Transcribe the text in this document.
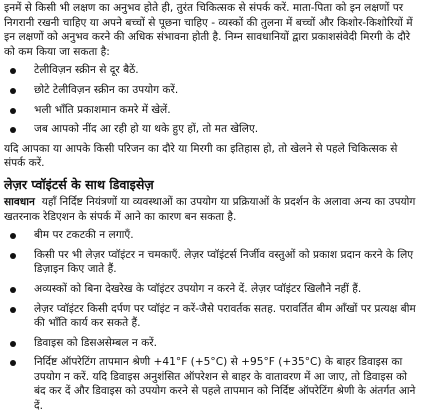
इनमें से किसी भी लक्षण का अनुभव होते ही, तुरंत चिकित्सक से संपर्क करें. माता-पिता को इन लक्षणों पर निगरानी रखनी चाहिए या अपने बच्चों से पूछना चाहिए - व्यस्कों की तुलना में बच्चों और किशोर-किशोरियों में इन लक्षणों को अनुभव करने की अधिक संभावना होती है. निम्न सावधानियों द्वारा प्रकाशसंवेदी मिरगी के दौरे को कम किया जा सकता है:

टेलीविज़न स्क्रीन से दूर बैठें.
छोटे टेलीविज़न स्क्रीन का उपयोग करें.
भली भाँति प्रकाशमान कमरे में खेलें.
जब आपको नींद आ रही हो या थके हुए हों, तो मत खेलिए.

यदि आपका या आपके किसी परिजन का दौरे या मिरगी का इतिहास हो, तो खेलने से पहले चिकित्सक से संपर्क करें.

लेज़र प्वॉइंटर्स के साथ डिवाइसेज़

सावधान यहाँ निर्दिष्ट नियंत्रणों या व्यवस्थाओं का उपयोग या प्रक्रियाओं के प्रदर्शन के अलावा अन्य का उपयोग खतरनाक रेडिएशन के संपर्क में आने का कारण बन सकता है.

बीम पर टकटकी न लगाएँ.
किसी पर भी लेज़र प्वॉइंटर न चमकाएँ. लेज़र प्वॉइंटर्स निर्जीव वस्तुओं को प्रकाश प्रदान करने के लिए डिज़ाइन किए जाते हैं.
अव्यस्कों को बिना देखरेख के प्वॉइंटर उपयोग न करने दें. लेज़र प्वॉइंटर खिलौने नहीं हैं.
लेज़र प्वॉइंटर किसी दर्पण पर प्वॉइंट न करें-जैसे परावर्तक सतह. परावर्तित बीम आँखों पर प्रत्यक्ष बीम की भाँति कार्य कर सकते हैं.
डिवाइस को डिसअसेम्बल न करें.
निर्दिष्ट ऑपरेटिंग तापमान श्रेणी +41°F (+5°C) से +95°F (+35°C) के बाहर डिवाइस का उपयोग न करें. यदि डिवाइस अनुशंसित ऑपरेशन से बाहर के वातावरण में आ जाए, तो डिवाइस को बंद कर दें और डिवाइस को उपयोग करने से पहले तापमान को निर्दिष्ट ऑपरेटिंग श्रेणी के अंतर्गत आने दें.
